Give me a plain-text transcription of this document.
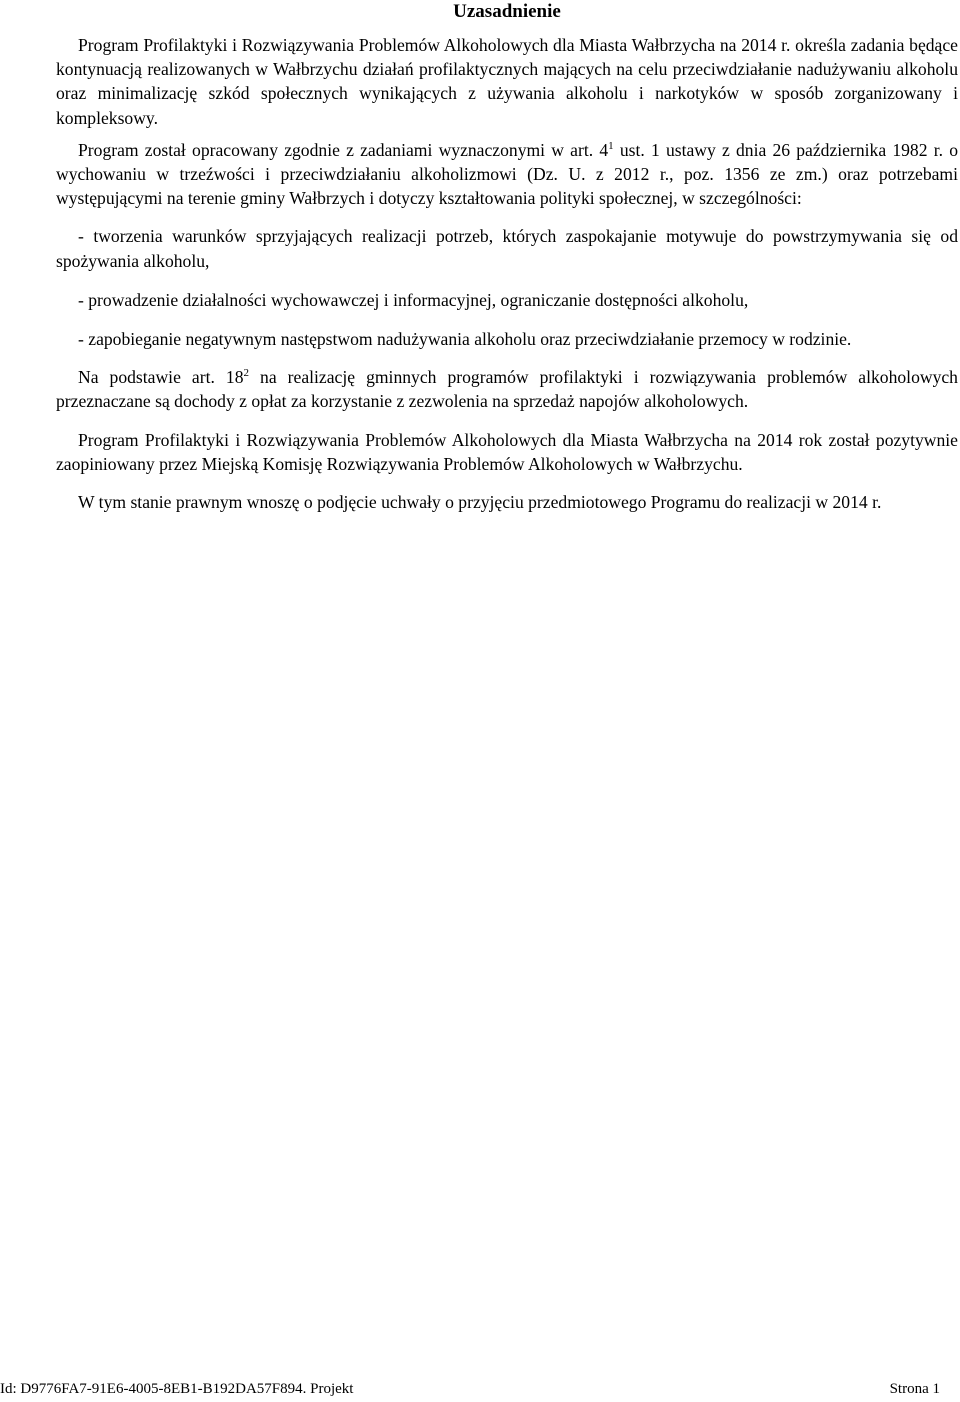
Uzasadnienie

Program Profilaktyki i Rozwiązywania Problemów Alkoholowych dla Miasta Wałbrzycha na 2014 r. określa zadania będące kontynuacją realizowanych w Wałbrzychu działań profilaktycznych mających na celu przeciwdziałanie nadużywaniu alkoholu oraz minimalizację szkód społecznych wynikających z używania alkoholu i narkotyków w sposób zorganizowany i kompleksowy.

Program został opracowany zgodnie z zadaniami wyznaczonymi w art. $4^1$ ust. 1 ustawy z dnia 26 października 1982 r. o wychowaniu w trzeźwości i przeciwdziałaniu alkoholizmowi (Dz. U. z 2012 r., poz. 1356 ze zm.) oraz potrzebami występującymi na terenie gminy Wałbrzych i dotyczy kształtowania polityki społecznej, w szczególności:

- tworzenia warunków sprzyjających realizacji potrzeb, których zaspokajanie motywuje do powstrzymywania się od spożywania alkoholu,

- prowadzenie działalności wychowawczej i informacyjnej, ograniczanie dostępności alkoholu,

- zapobieganie negatywnym następstwom nadużywania alkoholu oraz przeciwdziałanie przemocy w rodzinie.

Na podstawie art. $18^2$ na realizację gminnych programów profilaktyki i rozwiązywania problemów alkoholowych przeznaczane są dochody z opłat za korzystanie z zezwolenia na sprzedaż napojów alkoholowych.

Program Profilaktyki i Rozwiązywania Problemów Alkoholowych dla Miasta Wałbrzycha na 2014 rok został pozytywnie zaopiniowany przez Miejską Komisję Rozwiązywania Problemów Alkoholowych w Wałbrzychu.

W tym stanie prawnym wnoszę o podjęcie uchwały o przyjęciu przedmiotowego Programu do realizacji w 2014 r.

Id: D9776FA7-91E6-4005-8EB1-B192DA57F894. Projekt	Strona 1
